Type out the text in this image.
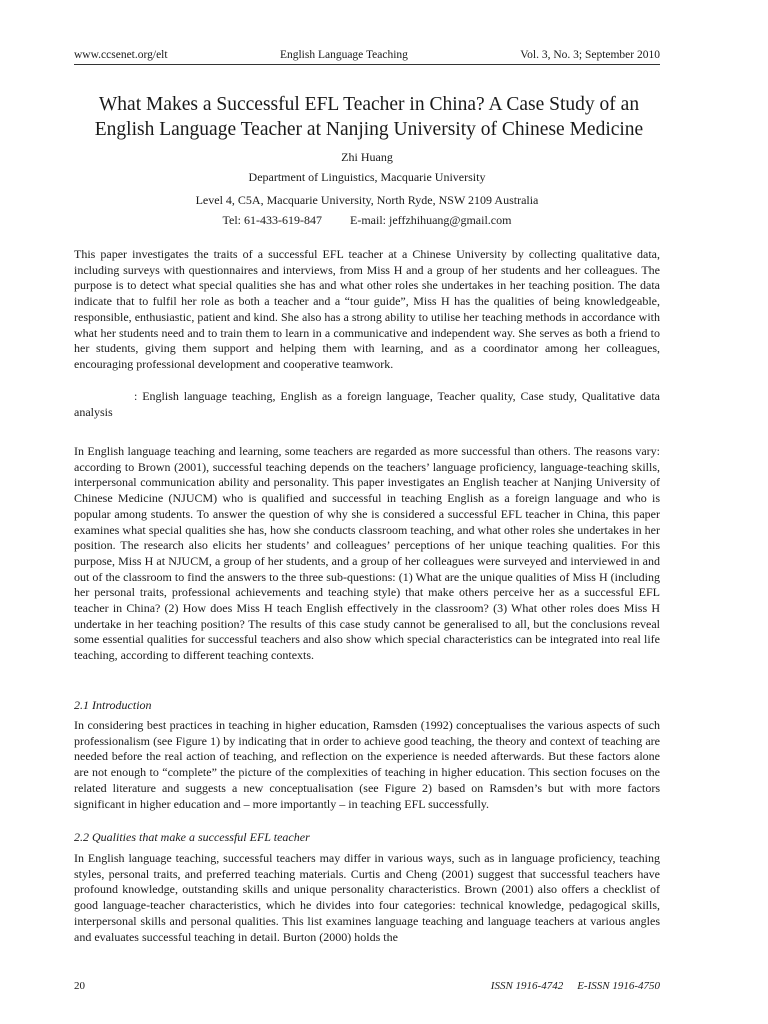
www.ccsenet.org/elt	English Language Teaching	Vol. 3, No. 3; September 2010
What Makes a Successful EFL Teacher in China? A Case Study of an
English Language Teacher at Nanjing University of Chinese Medicine
Zhi Huang
Department of Linguistics, Macquarie University
Level 4, C5A, Macquarie University, North Ryde, NSW 2109 Australia
Tel: 61-433-619-847 E-mail: jeffzhihuang@gmail.com
This paper investigates the traits of a successful EFL teacher at a Chinese University by collecting qualitative data, including surveys with questionnaires and interviews, from Miss H and a group of her students and her colleagues. The purpose is to detect what special qualities she has and what other roles she undertakes in her teaching position. The data indicate that to fulfil her role as both a teacher and a “tour guide”, Miss H has the qualities of being knowledgeable, responsible, enthusiastic, patient and kind. She also has a strong ability to utilise her teaching methods in accordance with what her students need and to train them to learn in a communicative and independent way. She serves as both a friend to her students, giving them support and helping them with learning, and as a coordinator among her colleagues, encouraging professional development and cooperative teamwork.
: English language teaching, English as a foreign language, Teacher quality, Case study, Qualitative data analysis
In English language teaching and learning, some teachers are regarded as more successful than others. The reasons vary: according to Brown (2001), successful teaching depends on the teachers’ language proficiency, language-teaching skills, interpersonal communication ability and personality. This paper investigates an English teacher at Nanjing University of Chinese Medicine (NJUCM) who is qualified and successful in teaching English as a foreign language and who is popular among students. To answer the question of why she is considered a successful EFL teacher in China, this paper examines what special qualities she has, how she conducts classroom teaching, and what other roles she undertakes in her position. The research also elicits her students’ and colleagues’ perceptions of her unique teaching qualities. For this purpose, Miss H at NJUCM, a group of her students, and a group of her colleagues were surveyed and interviewed in and out of the classroom to find the answers to the three sub-questions: (1) What are the unique qualities of Miss H (including her personal traits, professional achievements and teaching style) that make others perceive her as a successful EFL teacher in China? (2) How does Miss H teach English effectively in the classroom? (3) What other roles does Miss H undertake in her teaching position? The results of this case study cannot be generalised to all, but the conclusions reveal some essential qualities for successful teachers and also show which special characteristics can be integrated into real life teaching, according to different teaching contexts.
2.1 Introduction
In considering best practices in teaching in higher education, Ramsden (1992) conceptualises the various aspects of such professionalism (see Figure 1) by indicating that in order to achieve good teaching, the theory and context of teaching are needed before the real action of teaching, and reflection on the experience is needed afterwards. But these factors alone are not enough to “complete” the picture of the complexities of teaching in higher education. This section focuses on the related literature and suggests a new conceptualisation (see Figure 2) based on Ramsden’s but with more factors significant in higher education and – more importantly – in teaching EFL successfully.
2.2 Qualities that make a successful EFL teacher
In English language teaching, successful teachers may differ in various ways, such as in language proficiency, teaching styles, personal traits, and preferred teaching materials. Curtis and Cheng (2001) suggest that successful teachers have profound knowledge, outstanding skills and unique personality characteristics. Brown (2001) also offers a checklist of good language-teacher characteristics, which he divides into four categories: technical knowledge, pedagogical skills, interpersonal skills and personal qualities. This list examines language teaching and language teachers at various angles and evaluates successful teaching in detail. Burton (2000) holds the
20	ISSN 1916-4742 E-ISSN 1916-4750
